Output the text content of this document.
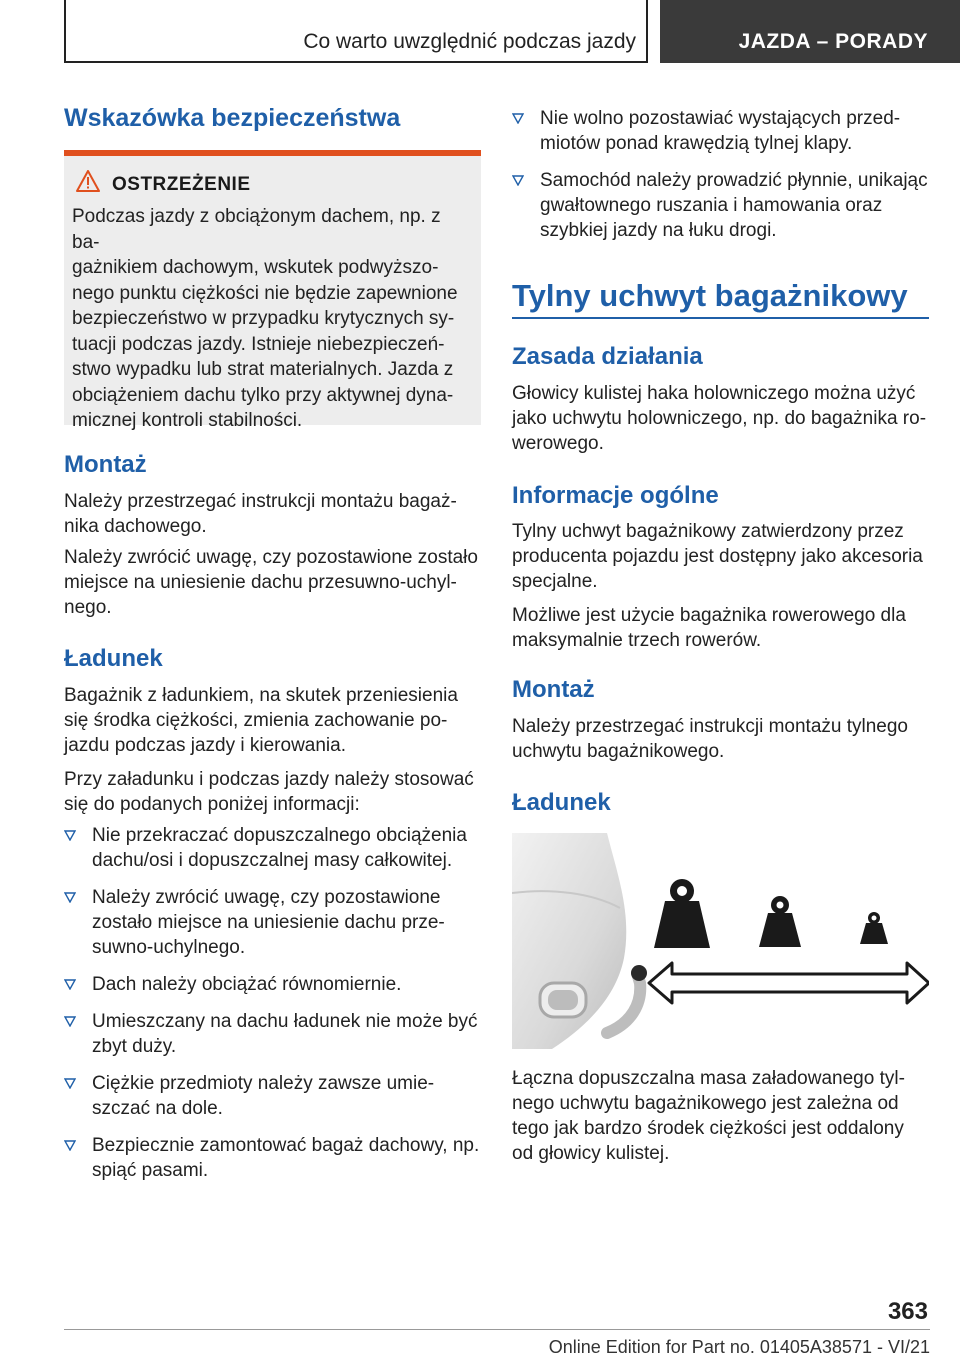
Co warto uwzględnić podczas jazdy	JAZDA – PORADY
Wskazówka bezpieczeństwa
OSTRZEŻENIE
Podczas jazdy z obciążonym dachem, np. z ba-
gażnikiem dachowym, wskutek podwyższo-
nego punktu ciężkości nie będzie zapewnione
bezpieczeństwo w przypadku krytycznych sy-
tuacji podczas jazdy. Istnieje niebezpieczeń-
stwo wypadku lub strat materialnych. Jazda z
obciążeniem dachu tylko przy aktywnej dyna-
micznej kontroli stabilności.
Montaż
Należy przestrzegać instrukcji montażu bagaż-
nika dachowego.
Należy zwrócić uwagę, czy pozostawione zostało
miejsce na uniesienie dachu przesuwno-uchyl-
nego.
Ładunek
Bagażnik z ładunkiem, na skutek przeniesienia
się środka ciężkości, zmienia zachowanie po-
jazdu podczas jazdy i kierowania.
Przy załadunku i podczas jazdy należy stosować
się do podanych poniżej informacji:
Nie przekraczać dopuszczalnego obciążenia
dachu/osi i dopuszczalnej masy całkowitej.
Należy zwrócić uwagę, czy pozostawione
zostało miejsce na uniesienie dachu prze-
suwno-uchylnego.
Dach należy obciążać równomiernie.
Umieszczany na dachu ładunek nie może być
zbyt duży.
Ciężkie przedmioty należy zawsze umie-
szczać na dole.
Bezpiecznie zamontować bagaż dachowy, np.
spiąć pasami.
Nie wolno pozostawiać wystających przed-
miotów ponad krawędzią tylnej klapy.
Samochód należy prowadzić płynnie, unikając
gwałtownego ruszania i hamowania oraz
szybkiej jazdy na łuku drogi.
Tylny uchwyt bagażnikowy
Zasada działania
Głowicy kulistej haka holowniczego można użyć
jako uchwytu holowniczego, np. do bagażnika ro-
werowego.
Informacje ogólne
Tylny uchwyt bagażnikowy zatwierdzony przez
producenta pojazdu jest dostępny jako akcesoria
specjalne.
Możliwe jest użycie bagażnika rowerowego dla
maksymalnie trzech rowerów.
Montaż
Należy przestrzegać instrukcji montażu tylnego
uchwytu bagażnikowego.
Ładunek
Łączna dopuszczalna masa załadowanego tyl-
nego uchwytu bagażnikowego jest zależna od
tego jak bardzo środek ciężkości jest oddalony
od głowicy kulistej.
363
Online Edition for Part no. 01405A38571 - VI/21
